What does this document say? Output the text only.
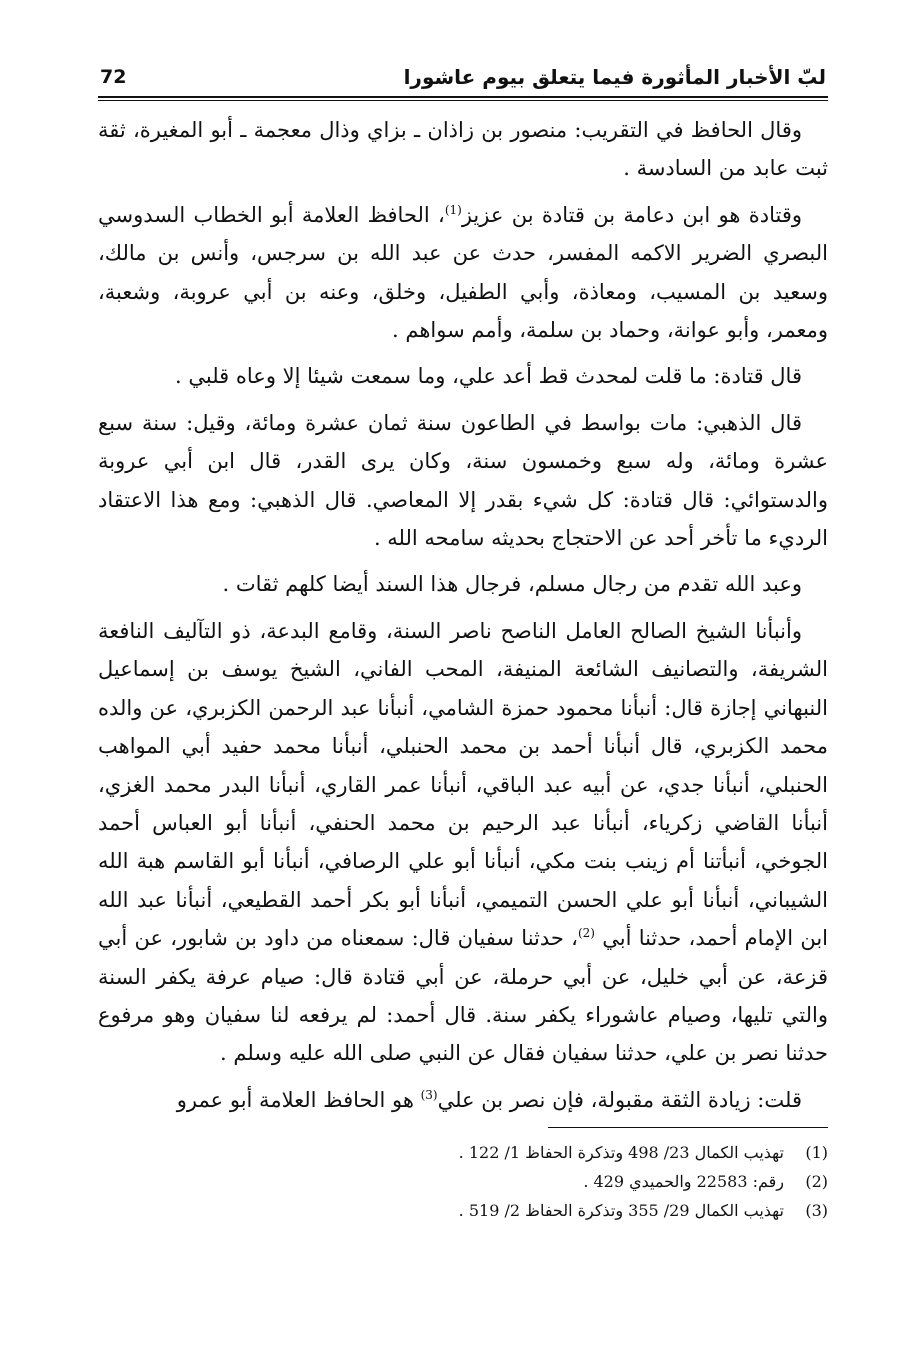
لبّ الأخبار المأثورة فيما يتعلق بيوم عاشورا
72

وقال الحافظ في التقريب: منصور بن زاذان ـ بزاي وذال معجمة ـ أبو المغيرة، ثقة ثبت عابد من السادسة .

وقتادة هو ابن دعامة بن قتادة بن عزيز$^{(1)}$، الحافظ العلامة أبو الخطاب السدوسي البصري الضرير الاكمه المفسر، حدث عن عبد الله بن سرجس، وأنس بن مالك، وسعيد بن المسيب، ومعاذة، وأبي الطفيل، وخلق، وعنه بن أبي عروبة، وشعبة، ومعمر، وأبو عوانة، وحماد بن سلمة، وأمم سواهم .

قال قتادة: ما قلت لمحدث قط أعد علي، وما سمعت شيئا إلا وعاه قلبي .

قال الذهبي: مات بواسط في الطاعون سنة ثمان عشرة ومائة، وقيل: سنة سبع عشرة ومائة، وله سبع وخمسون سنة، وكان يرى القدر، قال ابن أبي عروبة والدستوائي: قال قتادة: كل شيء بقدر إلا المعاصي. قال الذهبي: ومع هذا الاعتقاد الرديء ما تأخر أحد عن الاحتجاج بحديثه سامحه الله .

وعبد الله تقدم من رجال مسلم، فرجال هذا السند أيضا كلهم ثقات .

وأنبأنا الشيخ الصالح العامل الناصح ناصر السنة، وقامع البدعة، ذو التآليف النافعة الشريفة، والتصانيف الشائعة المنيفة، المحب الفاني، الشيخ يوسف بن إسماعيل النبهاني إجازة قال: أنبأنا محمود حمزة الشامي، أنبأنا عبد الرحمن الكزبري، عن والده محمد الكزبري، قال أنبأنا أحمد بن محمد الحنبلي، أنبأنا محمد حفيد أبي المواهب الحنبلي، أنبأنا جدي، عن أبيه عبد الباقي، أنبأنا عمر القاري، أنبأنا البدر محمد الغزي، أنبأنا القاضي زكرياء، أنبأنا عبد الرحيم بن محمد الحنفي، أنبأنا أبو العباس أحمد الجوخي، أنبأتنا أم زينب بنت مكي، أنبأنا أبو علي الرصافي، أنبأنا أبو القاسم هبة الله الشيباني، أنبأنا أبو علي الحسن التميمي، أنبأنا أبو بكر أحمد القطيعي، أنبأنا عبد الله ابن الإمام أحمد، حدثنا أبي $^{(2)}$، حدثنا سفيان قال: سمعناه من داود بن شابور، عن أبي قزعة، عن أبي خليل، عن أبي حرملة، عن أبي قتادة قال: صيام عرفة يكفر السنة والتي تليها، وصيام عاشوراء يكفر سنة. قال أحمد: لم يرفعه لنا سفيان وهو مرفوع حدثنا نصر بن علي، حدثنا سفيان فقال عن النبي صلى الله عليه وسلم .

قلت: زيادة الثقة مقبولة، فإن نصر بن علي$^{(3)}$ هو الحافظ العلامة أبو عمرو

(1)
تهذيب الكمال 23/ 498 وتذكرة الحفاظ 1/ 122 .
(2)
رقم: 22583 والحميدي 429 .
(3)
تهذيب الكمال 29/ 355 وتذكرة الحفاظ 2/ 519 .
